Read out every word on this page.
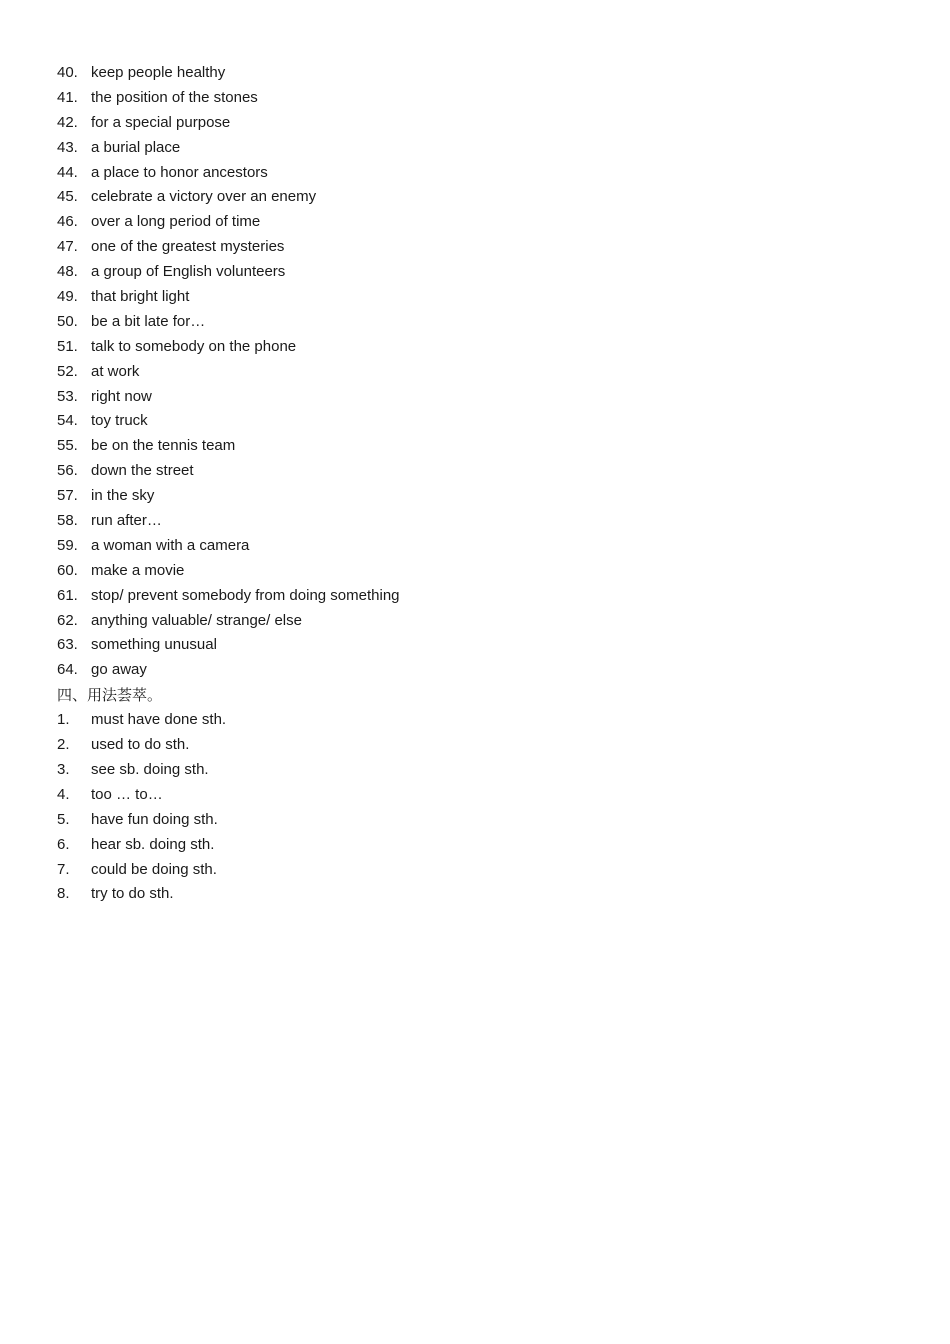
40. keep people healthy
41. the position of the stones
42. for a special purpose
43. a burial place
44. a place to honor ancestors
45. celebrate a victory over an enemy
46. over a long period of time
47. one of the greatest mysteries
48. a group of English volunteers
49. that bright light
50. be a bit late for…
51. talk to somebody on the phone
52. at work
53. right now
54. toy truck
55. be on the tennis team
56. down the street
57. in the sky
58. run after…
59. a woman with a camera
60. make a movie
61. stop/ prevent somebody from doing something
62. anything valuable/ strange/ else
63. something unusual
64. go away
四、用法荟萃。
1.	must have done sth.
2.	used to do sth.
3.	see sb. doing sth.
4.	too … to…
5.	have fun doing sth.
6.	hear sb. doing sth.
7.	could be doing sth.
8.	try to do sth.
